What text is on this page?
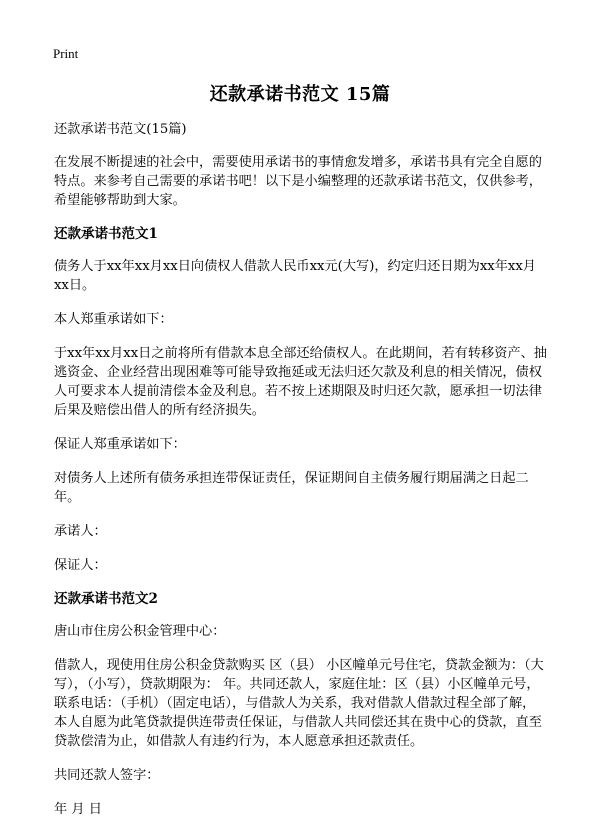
Print
还款承诺书范文 15篇

还款承诺书范文(15篇)

在发展不断提速的社会中，需要使用承诺书的事情愈发增多，承诺书具有完全自愿的特点。来参考自己需要的承诺书吧！以下是小编整理的还款承诺书范文，仅供参考，希望能够帮助到大家。

还款承诺书范文1

债务人于xx年xx月xx日向债权人借款人民币xx元(大写)，约定归还日期为xx年xx月xx日。

本人郑重承诺如下：

于xx年xx月xx日之前将所有借款本息全部还给债权人。在此期间，若有转移资产、抽逃资金、企业经营出现困难等可能导致拖延或无法归还欠款及利息的相关情况，债权人可要求本人提前清偿本金及利息。若不按上述期限及时归还欠款，愿承担一切法律后果及赔偿出借人的所有经济损失。

保证人郑重承诺如下：

对债务人上述所有债务承担连带保证责任，保证期间自主债务履行期届满之日起二年。

承诺人：

保证人：

还款承诺书范文2

唐山市住房公积金管理中心：

借款人，现使用住房公积金贷款购买 区（县） 小区幢单元号住宅，贷款金额为：（大写），（小写），贷款期限为： 年。共同还款人，家庭住址：区（县）小区幢单元号，联系电话：（手机）（固定电话），与借款人为关系，我对借款人借款过程全部了解，本人自愿为此笔贷款提供连带责任保证，与借款人共同偿还其在贵中心的贷款，直至贷款偿清为止，如借款人有违约行为，本人愿意承担还款责任。

共同还款人签字：

年 月 日
